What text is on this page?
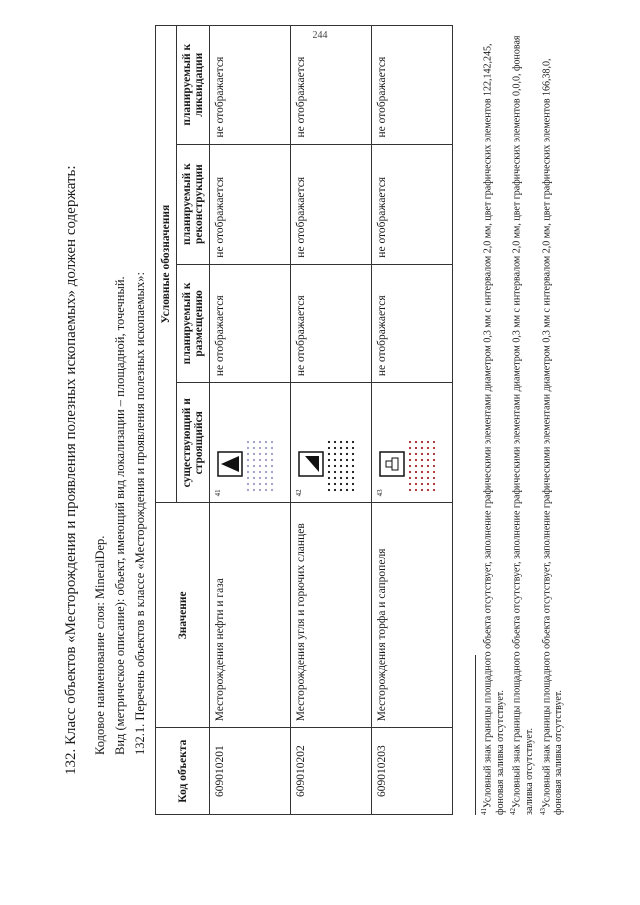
244
132. Класс объектов «Месторождения и проявления полезных ископаемых» должен содержать: Кодовое наименование слоя: MineralDep. Вид (метрическое описание): объект, имеющий вид локализации – площадной, точечный. 132.1. Перечень объектов в классе «Месторождения и проявления полезных ископаемых»:
Код объекта	Значение	Условные обозначения			
		существующий и строящийся	планируемый к размещению	планируемый к реконструкции	планируемый к ликвидации
609010201	Месторождения нефти и газа	$^{41}$	не отображается	не отображается	не отображается
609010202	Месторождения угля и горючих сланцев	$^{42}$	не отображается	не отображается	не отображается
609010203	Месторождения торфа и сапропеля	$^{43}$	не отображается	не отображается	не отображается

$^{41}$Условный знак границы площадного объекта отсутствует, заполнение графическими элементами диаметром 0,3 мм с интервалом 2,0 мм, цвет графических элементов 122,142,245, фоновая заливка отсутствует. $^{42}$Условный знак границы площадного объекта отсутствует, заполнение графическими элементами диаметром 0,3 мм с интервалом 2,0 мм, цвет графических элементов 0,0,0, фоновая заливка отсутствует. $^{43}$Условный знак границы площадного объекта отсутствует, заполнение графическими элементами диаметром 0,3 мм с интервалом 2,0 мм, цвет графических элементов 166,38,0, фоновая заливка отсутствует.
